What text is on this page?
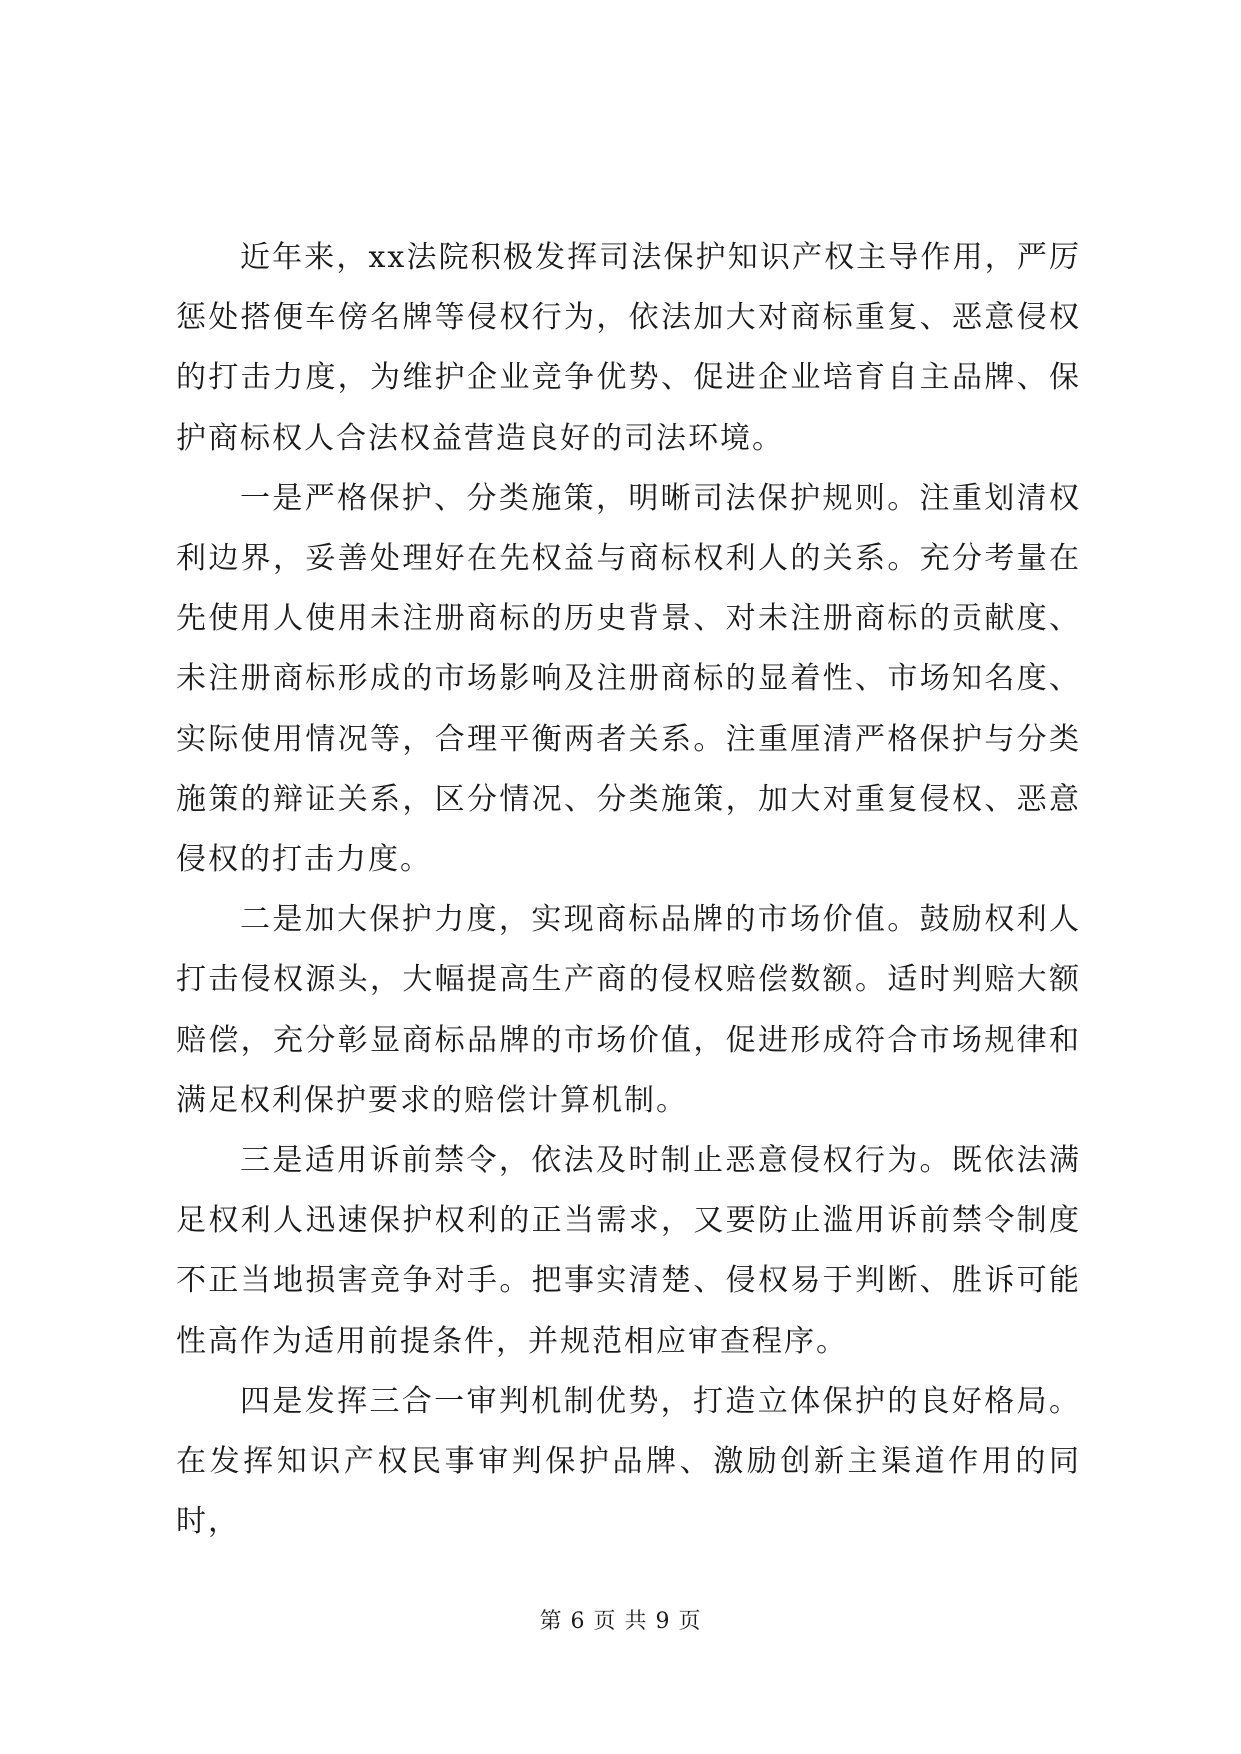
近年来，xx法院积极发挥司法保护知识产权主导作用，严厉惩处搭便车傍名牌等侵权行为，依法加大对商标重复、恶意侵权的打击力度，为维护企业竞争优势、促进企业培育自主品牌、保护商标权人合法权益营造良好的司法环境。

一是严格保护、分类施策，明晰司法保护规则。注重划清权利边界，妥善处理好在先权益与商标权利人的关系。充分考量在先使用人使用未注册商标的历史背景、对未注册商标的贡献度、未注册商标形成的市场影响及注册商标的显着性、市场知名度、实际使用情况等，合理平衡两者关系。注重厘清严格保护与分类施策的辩证关系，区分情况、分类施策，加大对重复侵权、恶意侵权的打击力度。

二是加大保护力度，实现商标品牌的市场价值。鼓励权利人打击侵权源头，大幅提高生产商的侵权赔偿数额。适时判赔大额赔偿，充分彰显商标品牌的市场价值，促进形成符合市场规律和满足权利保护要求的赔偿计算机制。

三是适用诉前禁令，依法及时制止恶意侵权行为。既依法满足权利人迅速保护权利的正当需求，又要防止滥用诉前禁令制度不正当地损害竞争对手。把事实清楚、侵权易于判断、胜诉可能性高作为适用前提条件，并规范相应审查程序。

四是发挥三合一审判机制优势，打造立体保护的良好格局。在发挥知识产权民事审判保护品牌、激励创新主渠道作用的同时，

第 6 页 共 9 页
